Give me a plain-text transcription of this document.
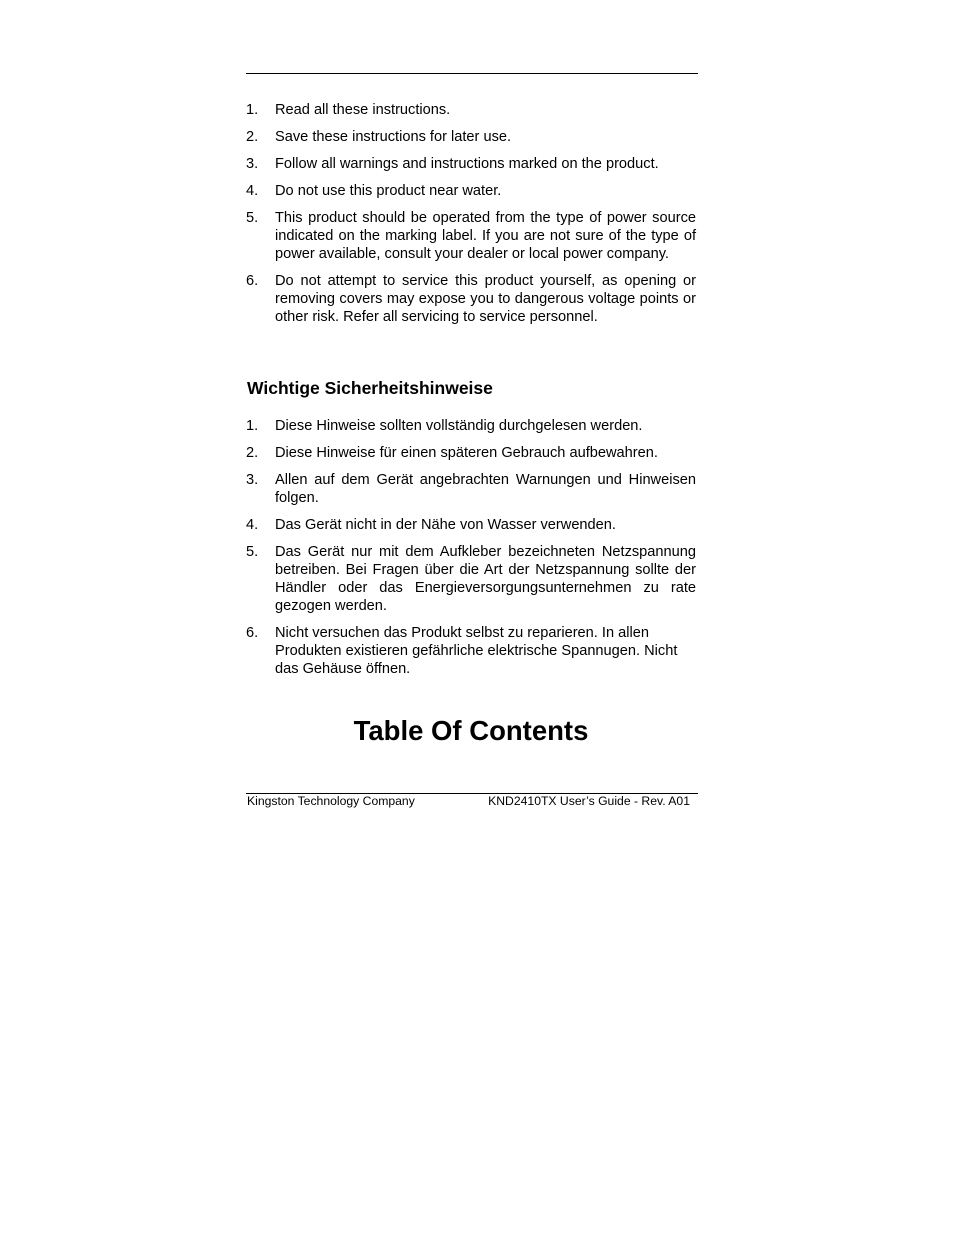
1.	Read all these instructions.
2.	Save these instructions for later use.
3.	Follow all warnings and instructions marked on the product.
4.	Do not use this product near water.
5.	This product should be operated from the type of power source indicated on the marking label. If you are not sure of the type of power available, consult your dealer or local power company.
6.	Do not attempt to service this product yourself, as opening or removing covers may expose you to dangerous voltage points or other risk. Refer all servicing to service personnel.
Wichtige Sicherheitshinweise
1.	Diese Hinweise sollten vollständig durchgelesen werden.
2.	Diese Hinweise für einen späteren Gebrauch aufbewahren.
3.	Allen auf dem Gerät angebrachten Warnungen und Hinweisen folgen.
4.	Das Gerät nicht in der Nähe von Wasser verwenden.
5.	Das Gerät nur mit dem Aufkleber bezeichneten Netzspannung betreiben. Bei Fragen über die Art der Netzspannung sollte der Händler oder das Energieversorgungsunternehmen zu rate gezogen werden.
6.	Nicht versuchen das Produkt selbst zu reparieren. In allen Produkten existieren gefährliche elektrische Spannugen. Nicht das Gehäuse öffnen.
Table Of Contents
Kingston Technology Company	KND2410TX User’s Guide - Rev. A01
